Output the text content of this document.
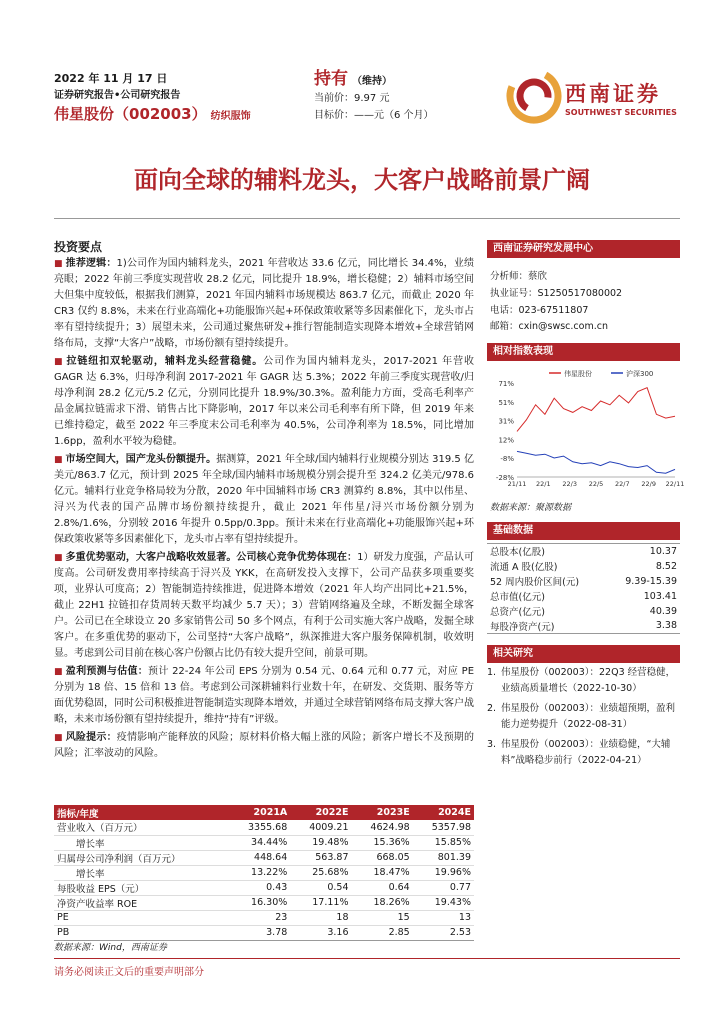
2022 年 11 月 17 日
证券研究报告•公司研究报告
伟星股份（002003） 纺织服饰
持有 （维持）
当前价：9.97 元
目标价：——元（6 个月）
西南证券
SOUTHWEST SECURITIES
面向全球的辅料龙头，大客户战略前景广阔
投资要点

■ 推荐逻辑：1)公司作为国内辅料龙头，2021 年营收达 33.6 亿元，同比增长 34.4%，业绩亮眼；2022 年前三季度实现营收 28.2 亿元，同比提升 18.9%，增长稳健；2）辅料市场空间大但集中度较低，根据我们测算，2021 年国内辅料市场规模达 863.7 亿元，而截止 2020 年 CR3 仅约 8.8%，未来在行业高端化+功能服饰兴起+环保政策收紧等多因素催化下，龙头市占率有望持续提升；3）展望未来，公司通过聚焦研发+推行智能制造实现降本增效+全球营销网络布局，支撑“大客户”战略，市场份额有望持续提升。

■ 拉链纽扣双轮驱动，辅料龙头经营稳健。公司作为国内辅料龙头，2017-2021 年营收 GAGR 达 6.3%，归母净利润 2017-2021 年 GAGR 达 5.3%；2022 年前三季度实现营收/归母净利润 28.2 亿元/5.2 亿元，分别同比提升 18.9%/30.3%。盈利能力方面，受高毛利率产品金属拉链需求下滑、销售占比下降影响，2017 年以来公司毛利率有所下降，但 2019 年来已维持稳定，截至 2022 年三季度末公司毛利率为 40.5%，公司净利率为 18.5%，同比增加 1.6pp，盈利水平较为稳健。

■ 市场空间大，国产龙头份额提升。据测算，2021 年全球/国内辅料行业规模分别达 319.5 亿美元/863.7 亿元，预计到 2025 年全球/国内辅料市场规模分别会提升至 324.2 亿美元/978.6 亿元。辅料行业竞争格局较为分散，2020 年中国辅料市场 CR3 测算约 8.8%，其中以伟星、浔兴为代表的国产品牌市场份额持续提升，截止 2021 年伟星/浔兴市场份额分别为 2.8%/1.6%，分别较 2016 年提升 0.5pp/0.3pp。预计未来在行业高端化+功能服饰兴起+环保政策收紧等多因素催化下，龙头市占率有望持续提升。

■ 多重优势驱动，大客户战略收效显著。公司核心竞争优势体现在：1）研发力度强，产品认可度高。公司研发费用率持续高于浔兴及 YKK，在高研发投入支撑下，公司产品获多项重要奖项，业界认可度高；2）智能制造持续推进，促进降本增效（2021 年人均产出同比+21.5%，截止 22H1 拉链扣存货周转天数平均减少 5.7 天）；3）营销网络遍及全球，不断发掘全球客户。公司已在全球设立 20 多家销售公司 50 多个网点，有利于公司实施大客户战略，发掘全球客户。在多重优势的驱动下，公司坚持“大客户战略”，纵深推进大客户服务保障机制，收效明显。考虑到公司目前在核心客户份额占比仍有较大提升空间，前景可期。

■ 盈利预测与估值：预计 22-24 年公司 EPS 分别为 0.54 元、0.64 元和 0.77 元，对应 PE 分别为 18 倍、15 倍和 13 倍。考虑到公司深耕辅料行业数十年，在研发、交货期、服务等方面优势稳固，同时公司积极推进智能制造实现降本增效，并通过全球营销网络布局支撑大客户战略，未来市场份额有望持续提升，维持“持有”评级。

■ 风险提示：疫情影响产能释放的风险；原材料价格大幅上涨的风险；新客户增长不及预期的风险；汇率波动的风险。

指标/年度	2021A	2022E	2023E	2024E
营业收入（百万元）	3355.68	4009.21	4624.98	5357.98
增长率	34.44%	19.48%	15.36%	15.85%
归属母公司净利润（百万元）	448.64	563.87	668.05	801.39
增长率	13.22%	25.68%	18.47%	19.96%
每股收益 EPS（元）	0.43	0.54	0.64	0.77
净资产收益率 ROE	16.30%	17.11%	18.26%	19.43%
PE	23	18	15	13
PB	3.78	3.16	2.85	2.53
数据来源：Wind，西南证券
西南证券研究发展中心
分析师：蔡欣
执业证号：S1250517080002
电话：023-67511807
邮箱：cxin@swsc.com.cn
相对指数表现
71%
51%
31%
12%
-8%
-28%
21/11 22/1 22/3 22/5 22/7 22/9 22/11
伟星股份	沪深300
数据来源：聚源数据
基础数据
总股本(亿股)	10.37
流通 A 股(亿股)	8.52
52 周内股价区间(元)	9.39-15.39
总市值(亿元)	103.41
总资产(亿元)	40.39
每股净资产(元)	3.38
相关研究
1. 伟星股份（002003）：22Q3 经营稳健，业绩高质量增长（2022-10-30）
2. 伟星股份（002003）：业绩超预期，盈利能力逆势提升（2022-08-31）
3. 伟星股份（002003）：业绩稳健，“大辅料”战略稳步前行（2022-04-21）
请务必阅读正文后的重要声明部分
